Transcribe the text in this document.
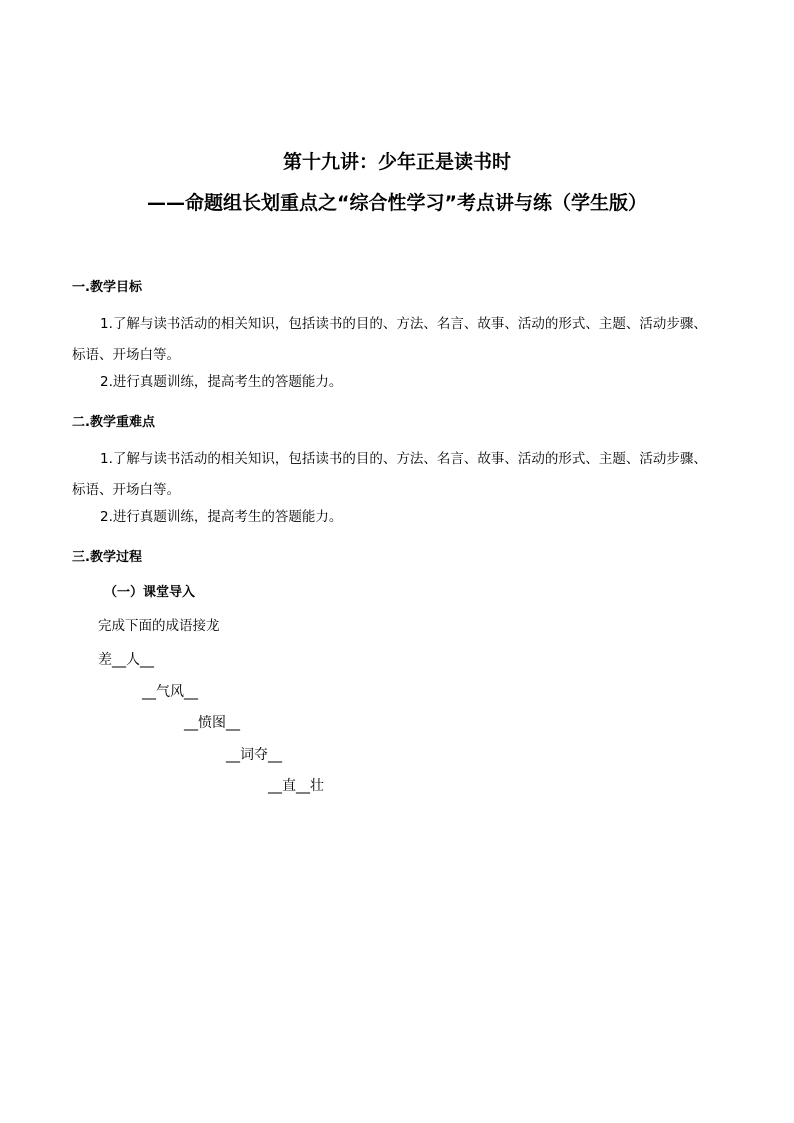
第十九讲：少年正是读书时
——命题组长划重点之“综合性学习”考点讲与练（学生版）
一.教学目标
1.了解与读书活动的相关知识，包括读书的目的、方法、名言、故事、活动的形式、主题、活动步骤、
标语、开场白等。
2.进行真题训练，提高考生的答题能力。
二.教学重难点
1.了解与读书活动的相关知识，包括读书的目的、方法、名言、故事、活动的形式、主题、活动步骤、
标语、开场白等。
2.进行真题训练，提高考生的答题能力。
三.教学过程
（一）课堂导入
完成下面的成语接龙
差__人__
__气风__
__愤图__
__词夺__
__直__壮
